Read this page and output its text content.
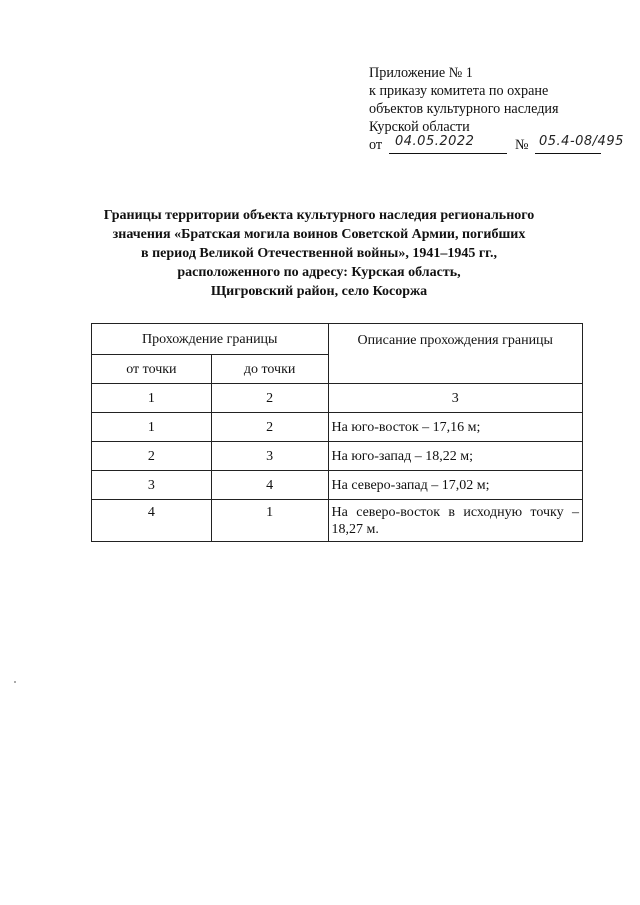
Приложение № 1
к приказу комитета по охране
объектов культурного наследия
Курской области
от 04.05.2022	№ 05.4-08/495
Границы территории объекта культурного наследия регионального
значения «Братская могила воинов Советской Армии, погибших
в период Великой Отечественной войны», 1941–1945 гг.,
расположенного по адресу: Курская область,
Щигровский район, село Косоржа
Прохождение границы		Описание прохождения границы
от точки	до точки	
1	2	3
1	2	На юго-восток – 17,16 м;
2	3	На юго-запад – 18,22 м;
3	4	На северо-запад – 17,02 м;
4	1	На северо-восток в исходную точку – 18,27 м.
